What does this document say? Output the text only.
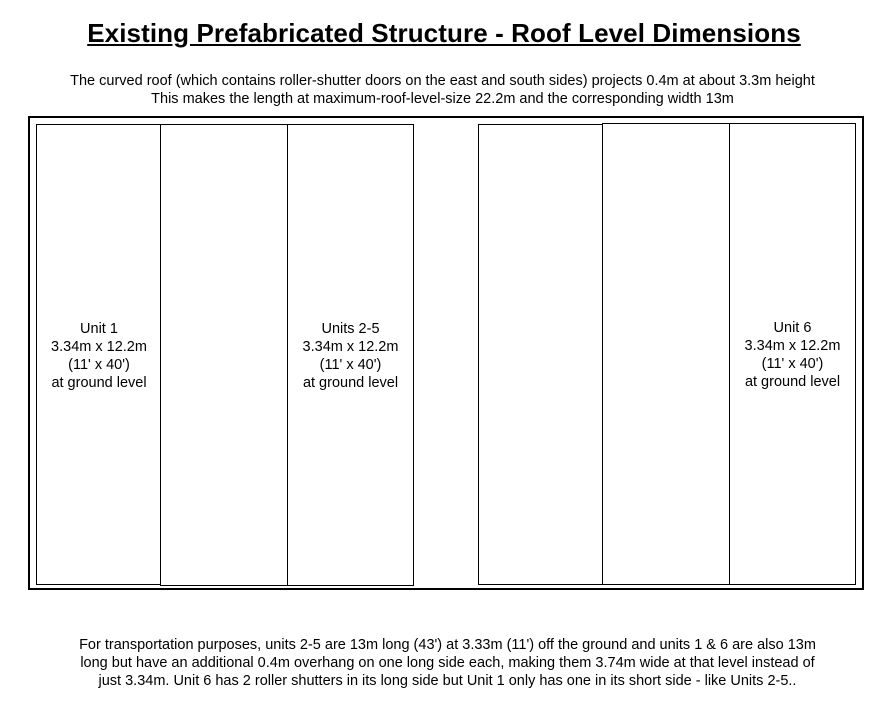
Existing Prefabricated Structure - Roof Level Dimensions
The curved roof (which contains roller-shutter doors on the east and south sides) projects 0.4m at about 3.3m height
This makes the length at maximum-roof-level-size 22.2m and the corresponding width 13m
Unit 1
3.34m x 12.2m
(11' x 40')
at ground level
Units 2-5
3.34m x 12.2m
(11' x 40')
at ground level
Unit 6
3.34m x 12.2m
(11' x 40')
at ground level
For transportation purposes, units 2-5 are 13m long (43') at 3.33m (11') off the ground and units 1 & 6 are also 13m
long but have an additional 0.4m overhang on one long side each, making them 3.74m wide at that level instead of
just 3.34m. Unit 6 has 2 roller shutters in its long side but Unit 1 only has one in its short side - like Units 2-5..
